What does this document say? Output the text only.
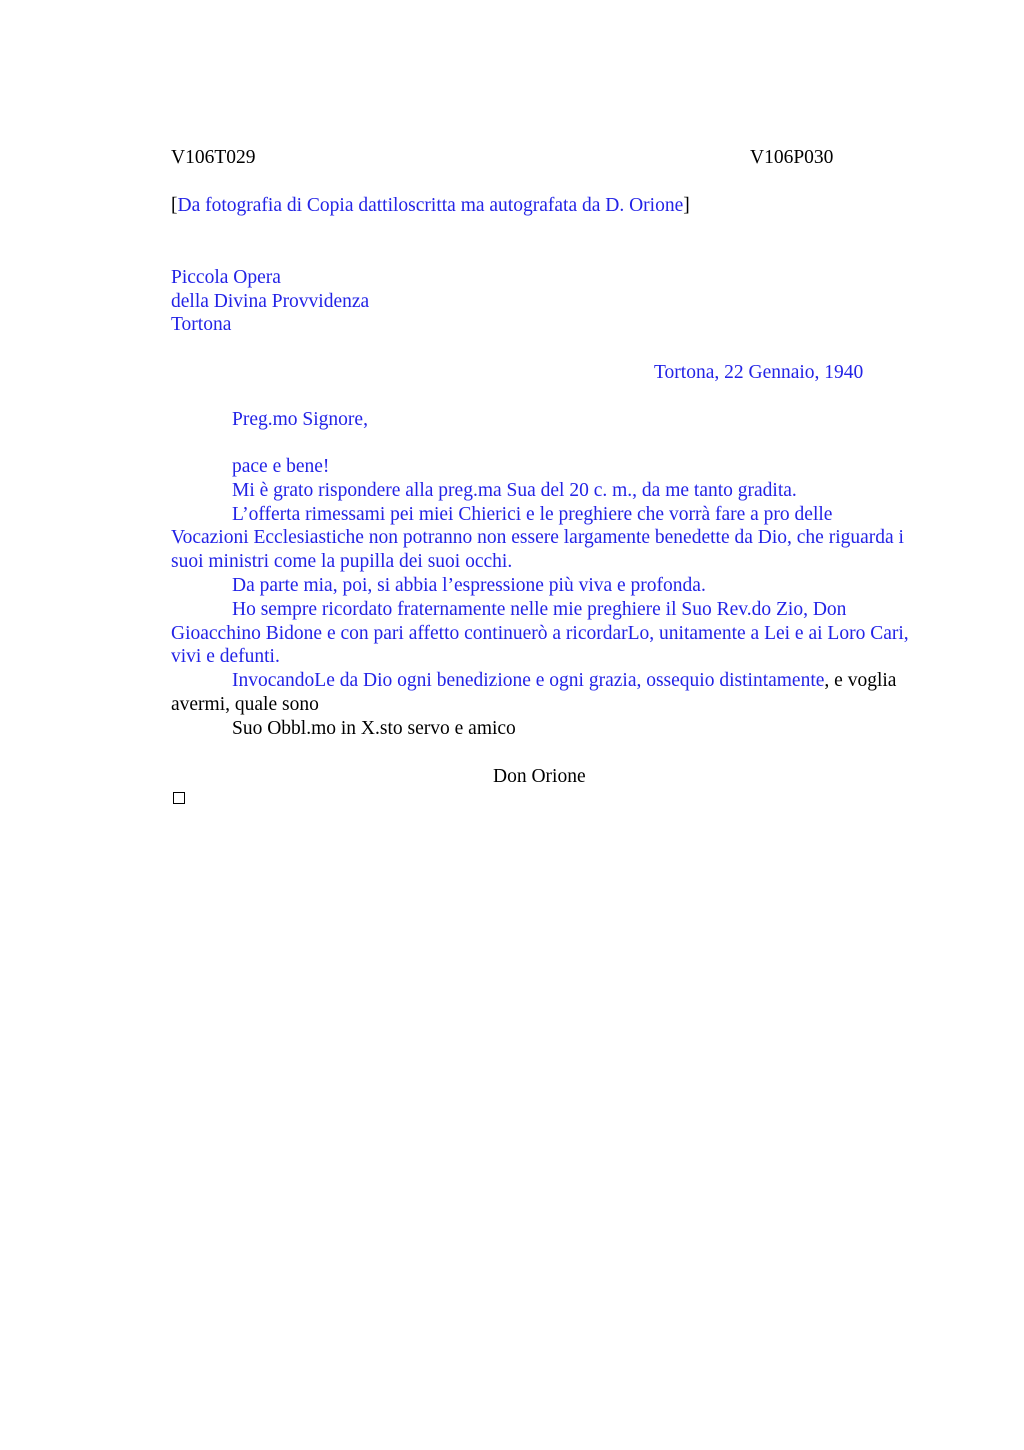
V106T029	V106P030
[Da fotografia di Copia dattiloscritta ma autografata da D. Orione]
Piccola Opera
della Divina Provvidenza
Tortona
Tortona, 22 Gennaio, 1940
Preg.mo Signore,

pace e bene!

Mi è grato rispondere alla preg.ma Sua del 20 c. m., da me tanto gradita.

L’offerta rimessami pei miei Chierici e le preghiere che vorrà fare a pro delle Vocazioni Ecclesiastiche non potranno non essere largamente benedette da Dio, che riguarda i suoi ministri come la pupilla dei suoi occhi.

Da parte mia, poi, si abbia l’espressione più viva e profonda.

Ho sempre ricordato fraternamente nelle mie preghiere il Suo Rev.do Zio, Don Gioacchino Bidone e con pari affetto continuerò a ricordarLo, unitamente a Lei e ai Loro Cari, vivi e defunti.

InvocandoLe da Dio ogni benedizione e ogni grazia, ossequio distintamente, e voglia avermi, quale sono

Suo Obbl.mo in X.sto servo e amico

Don Orione
